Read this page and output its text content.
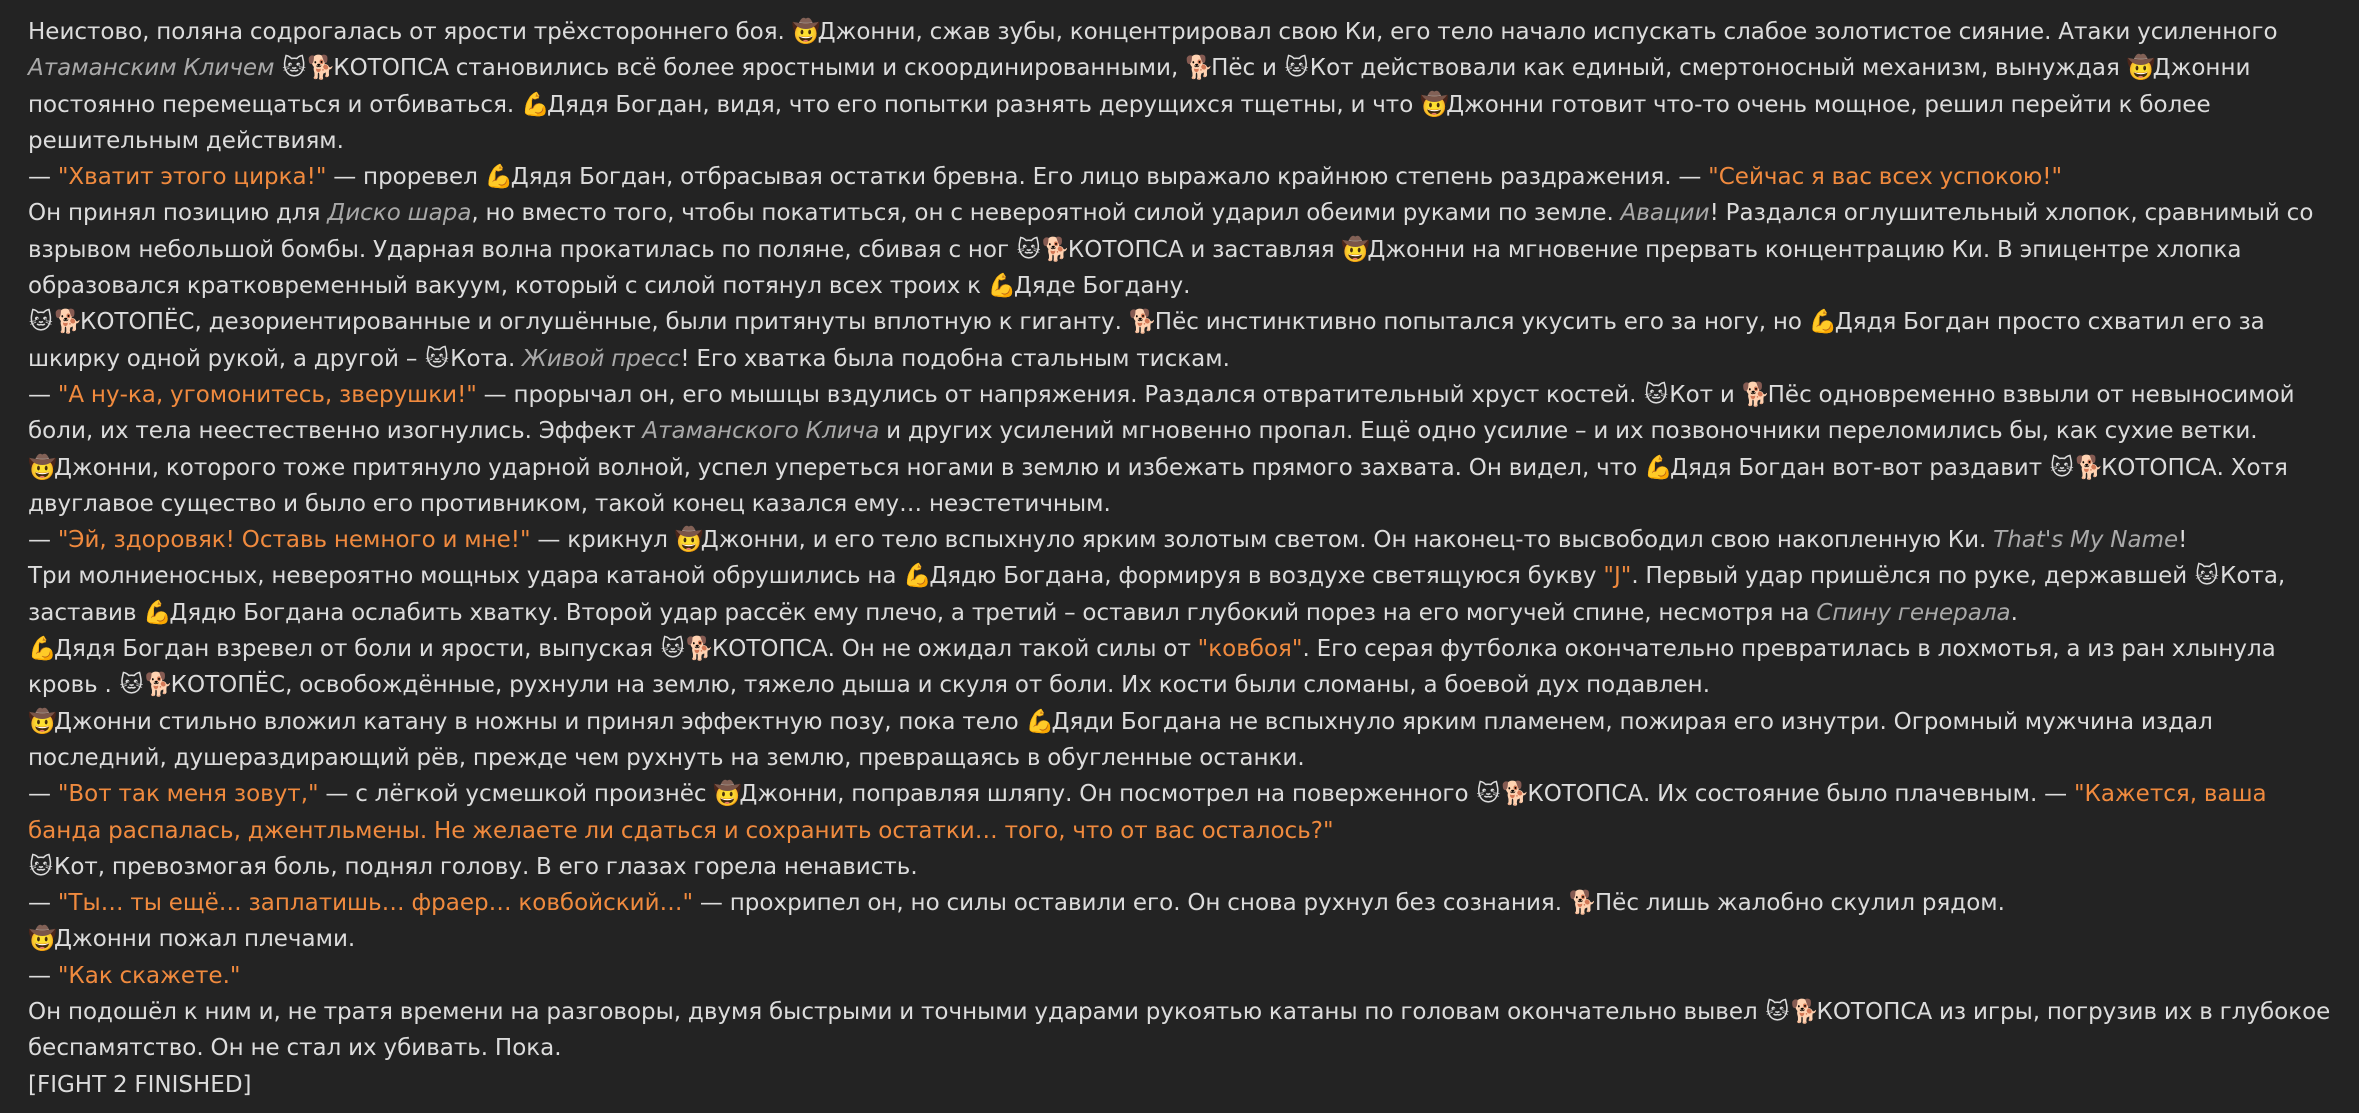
Неистово, поляна содрогалась от ярости трёхстороннего боя. 🤠Джонни, сжав зубы, концентрировал свою Ки, его тело начало испускать слабое золотистое сияние. Атаки усиленного Атаманским Кличем 🐱 🐕	КОТОПСА становились всё более яростными и скоординированными, 🐕Пёс и 🐱Кот действовали как единый, смертоносный механизм, вынуждая 🤠Джонни постоянно перемещаться и отбиваться. 💪Дядя Богдан, видя, что его попытки разнять дерущихся тщетны, и что 🤠Джонни готовит что-то очень мощное, решил перейти к более решительным действиям.
— "Хватит этого цирка!" — проревел 💪Дядя Богдан, отбрасывая остатки бревна. Его лицо выражало крайнюю степень раздражения. — "Сейчас я вас всех успокою!"
Он принял позицию для Диско шара, но вместо того, чтобы покатиться, он с невероятной силой ударил обеими руками по земле. Авации! Раздался оглушительный хлопок, сравнимый со взрывом небольшой бомбы. Ударная волна прокатилась по поляне, сбивая с ног 🐱🐕КОТОПСА и заставляя 🤠Джонни на мгновение прервать концентрацию Ки. В эпицентре хлопка образовался кратковременный вакуум, который с силой потянул всех троих к 💪Дяде Богдану.
🐱🐕КОТОПЁС, дезориентированные и оглушённые, были притянуты вплотную к гиганту. 🐕Пёс инстинктивно попытался укусить его за ногу, но 💪Дядя Богдан просто схватил его за шкирку одной рукой, а другой – 🐱Кота. Живой пресс! Его хватка была подобна стальным тискам.
— "А ну-ка, угомонитесь, зверушки!" — прорычал он, его мышцы вздулись от напряжения. Раздался отвратительный хруст костей. 🐱Кот и 🐕Пёс одновременно взвыли от невыносимой боли, их тела неестественно изогнулись. Эффект Атаманского Клича и других усилений мгновенно пропал. Ещё одно усилие – и их позвоночники переломились бы, как сухие ветки.
🤠Джонни, которого тоже притянуло ударной волной, успел упереться ногами в землю и избежать прямого захвата. Он видел, что 💪Дядя Богдан вот-вот раздавит 🐱🐕КОТОПСА. Хотя двуглавое существо и было его противником, такой конец казался ему… неэстетичным.
— "Эй, здоровяк! Оставь немного и мне!" — крикнул 🤠Джонни, и его тело вспыхнуло ярким золотым светом. Он наконец-то высвободил свою накопленную Ки. That's My Name!
Три молниеносных, невероятно мощных удара катаной обрушились на 💪Дядю Богдана, формируя в воздухе светящуюся букву "J". Первый удар пришёлся по руке, державшей 🐱Кота, заставив 💪Дядю Богдана ослабить хватку. Второй удар рассёк ему плечо, а третий – оставил глубокий порез на его могучей спине, несмотря на Спину генерала.
💪Дядя Богдан взревел от боли и ярости, выпуская 🐱🐕КОТОПСА. Он не ожидал такой силы от "ковбоя". Его серая футболка окончательно превратилась в лохмотья, а из ран хлынула кровь . 🐱🐕КОТОПЁС, освобождённые, рухнули на землю, тяжело дыша и скуля от боли. Их кости были сломаны, а боевой дух подавлен.
🤠Джонни стильно вложил катану в ножны и принял эффектную позу, пока тело 💪Дяди Богдана не вспыхнуло ярким пламенем, пожирая его изнутри. Огромный мужчина издал последний, душераздирающий рёв, прежде чем рухнуть на землю, превращаясь в обугленные останки.
— "Вот так меня зовут," — с лёгкой усмешкой произнёс 🤠Джонни, поправляя шляпу. Он посмотрел на поверженного 🐱🐕КОТОПСА. Их состояние было плачевным. — "Кажется, ваша банда распалась, джентльмены. Не желаете ли сдаться и сохранить остатки… того, что от вас осталось?"
🐱Кот, превозмогая боль, поднял голову. В его глазах горела ненависть.
— "Ты… ты ещё… заплатишь… фраер… ковбойский…" — прохрипел он, но силы оставили его. Он снова рухнул без сознания. 🐕Пёс лишь жалобно скулил рядом.
🤠Джонни пожал плечами.
— "Как скажете."
Он подошёл к ним и, не тратя времени на разговоры, двумя быстрыми и точными ударами рукоятью катаны по головам окончательно вывел 🐱🐕КОТОПСА из игры, погрузив их в глубокое беспамятство. Он не стал их убивать. Пока.
[FIGHT 2 FINISHED]
